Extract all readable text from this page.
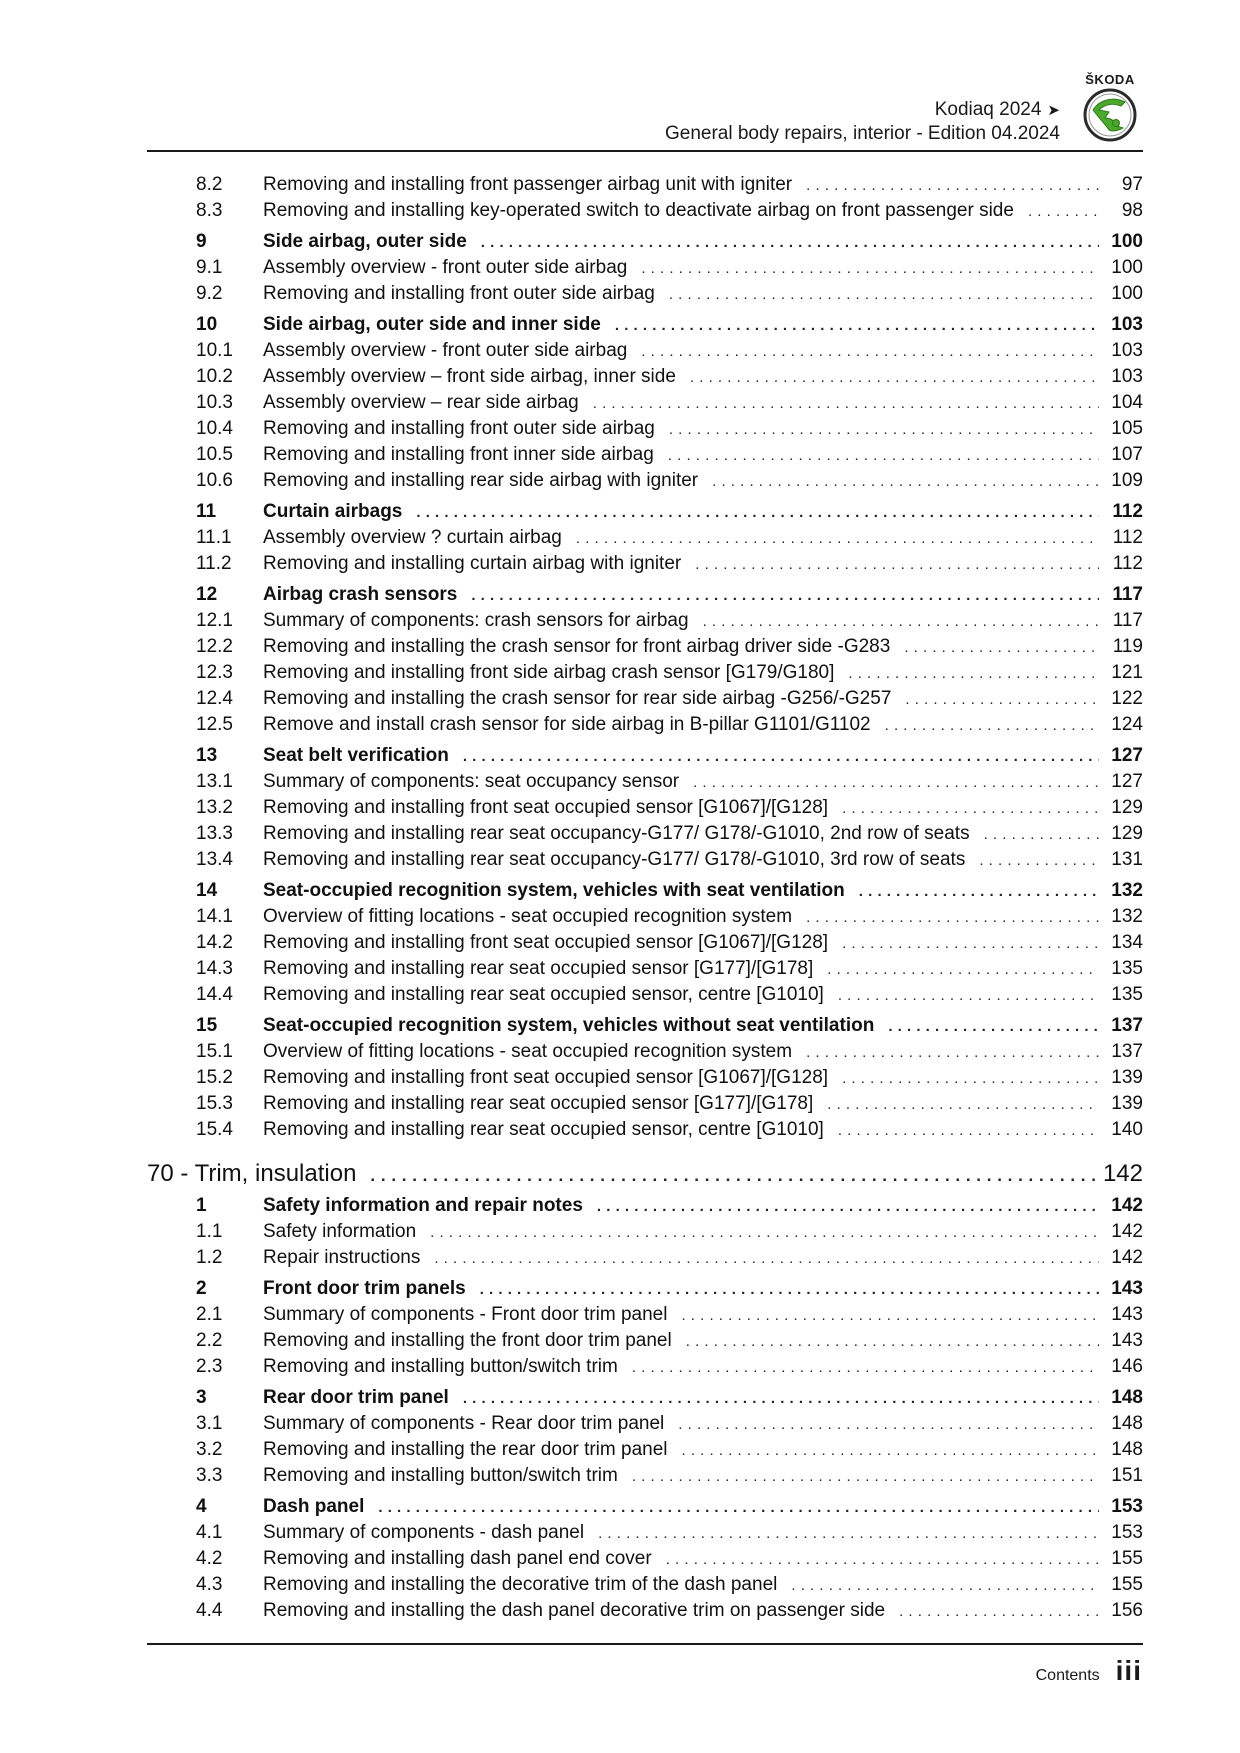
Kodiaq 2024 ➤
General body repairs, interior - Edition 04.2024
ŠKODA
8.2	Removing and installing front passenger airbag unit with igniter . . .	97
8.3	Removing and installing key-operated switch to deactivate airbag on front passenger side . . .	98
9	Side airbag, outer side . . .	100
9.1	Assembly overview - front outer side airbag . . .	100
9.2	Removing and installing front outer side airbag . . .	100
10	Side airbag, outer side and inner side . . .	103
10.1	Assembly overview - front outer side airbag . . .	103
10.2	Assembly overview – front side airbag, inner side . . .	103
10.3	Assembly overview – rear side airbag . . .	104
10.4	Removing and installing front outer side airbag . . .	105
10.5	Removing and installing front inner side airbag . . .	107
10.6	Removing and installing rear side airbag with igniter . . .	109
11	Curtain airbags . . .	112
11.1	Assembly overview ? curtain airbag . . .	112
11.2	Removing and installing curtain airbag with igniter . . .	112
12	Airbag crash sensors . . .	117
12.1	Summary of components: crash sensors for airbag . . .	117
12.2	Removing and installing the crash sensor for front airbag driver side -G283 . . .	119
12.3	Removing and installing front side airbag crash sensor [G179/G180] . . .	121
12.4	Removing and installing the crash sensor for rear side airbag -G256/-G257 . . .	122
12.5	Remove and install crash sensor for side airbag in B-pillar G1101/G1102 . . .	124
13	Seat belt verification . . .	127
13.1	Summary of components: seat occupancy sensor . . .	127
13.2	Removing and installing front seat occupied sensor [G1067]/[G128] . . .	129
13.3	Removing and installing rear seat occupancy-G177/ G178/-G1010, 2nd row of seats . . .	129
13.4	Removing and installing rear seat occupancy-G177/ G178/-G1010, 3rd row of seats . . .	131
14	Seat-occupied recognition system, vehicles with seat ventilation . . .	132
14.1	Overview of fitting locations - seat occupied recognition system . . .	132
14.2	Removing and installing front seat occupied sensor [G1067]/[G128] . . .	134
14.3	Removing and installing rear seat occupied sensor [G177]/[G178] . . .	135
14.4	Removing and installing rear seat occupied sensor, centre [G1010] . . .	135
15	Seat-occupied recognition system, vehicles without seat ventilation . . .	137
15.1	Overview of fitting locations - seat occupied recognition system . . .	137
15.2	Removing and installing front seat occupied sensor [G1067]/[G128] . . .	139
15.3	Removing and installing rear seat occupied sensor [G177]/[G178] . . .	139
15.4	Removing and installing rear seat occupied sensor, centre [G1010] . . .	140
70 - Trim, insulation . . .	142
1	Safety information and repair notes . . .	142
1.1	Safety information . . .	142
1.2	Repair instructions . . .	142
2	Front door trim panels . . .	143
2.1	Summary of components - Front door trim panel . . .	143
2.2	Removing and installing the front door trim panel . . .	143
2.3	Removing and installing button/switch trim . . .	146
3	Rear door trim panel . . .	148
3.1	Summary of components - Rear door trim panel . . .	148
3.2	Removing and installing the rear door trim panel . . .	148
3.3	Removing and installing button/switch trim . . .	151
4	Dash panel . . .	153
4.1	Summary of components - dash panel . . .	153
4.2	Removing and installing dash panel end cover . . .	155
4.3	Removing and installing the decorative trim of the dash panel . . .	155
4.4	Removing and installing the dash panel decorative trim on passenger side . . .	156
Contents iii
